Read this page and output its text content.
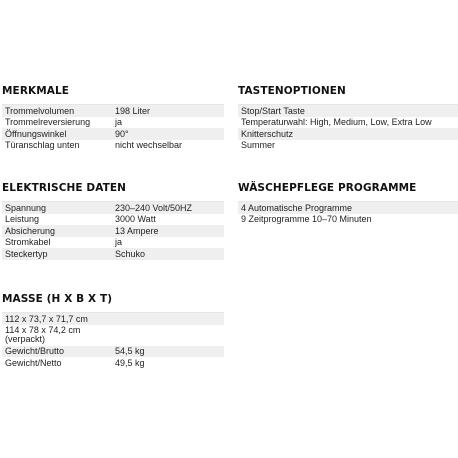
MERKMALE
Trommelvolumen	198 Liter
Trommelreversierung	ja
Öffnungswinkel	90°
Türanschlag unten	nicht wechselbar
TASTENOPTIONEN
Stop/Start Taste
Temperaturwahl: High, Medium, Low, Extra Low
Knitterschutz
Summer
ELEKTRISCHE DATEN
Spannung	230–240 Volt/50HZ
Leistung	3000 Watt
Absicherung	13 Ampere
Stromkabel	ja
Steckertyp	Schuko
WÄSCHEPFLEGE PROGRAMME
4 Automatische Programme
9 Zeitprogramme 10–70 Minuten
MASSE (H X B X T)
112 x 73,7 x 71,7 cm
114 x 78 x 74,2 cm
(verpackt)
Gewicht/Brutto	54,5 kg
Gewicht/Netto	49,5 kg
